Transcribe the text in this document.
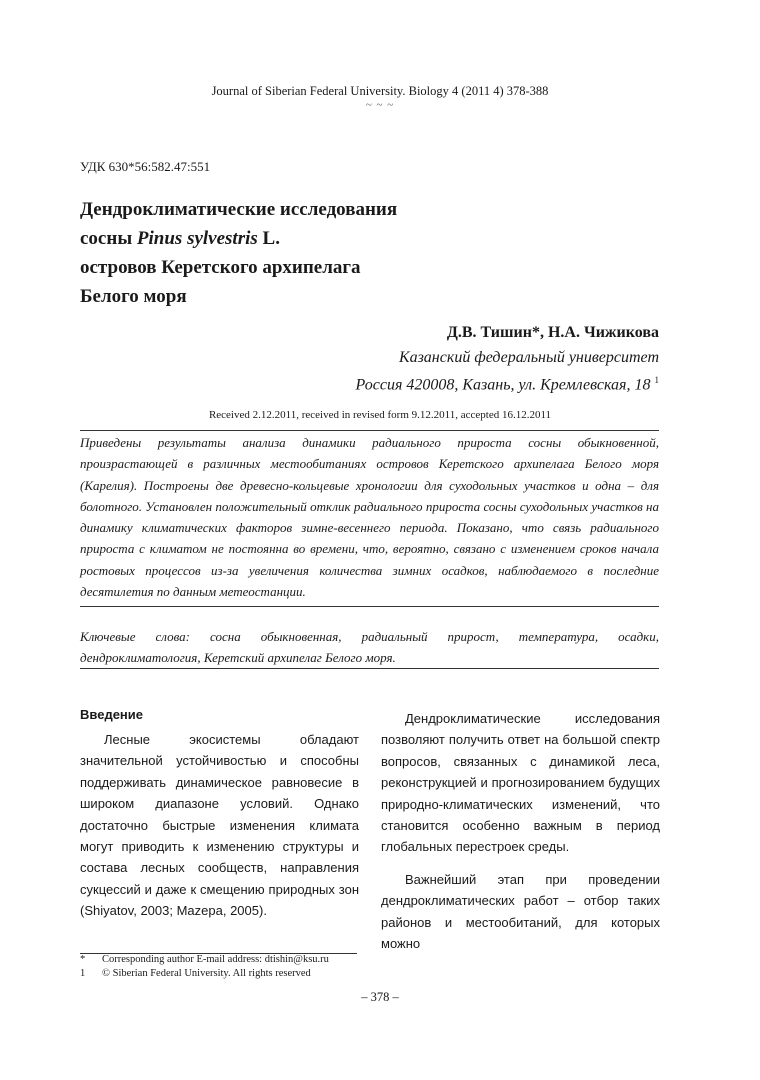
Journal of Siberian Federal University. Biology 4 (2011 4) 378-388
~ ~ ~
УДК 630*56:582.47:551
Дендроклиматические исследования
сосны Pinus sylvestris L.
островов Керетского архипелага
Белого моря
Д.В. Тишин*, Н.А. Чижикова
Казанский федеральный университет
Россия 420008, Казань, ул. Кремлевская, 18 $^1$
Received 2.12.2011, received in revised form 9.12.2011, accepted 16.12.2011
Приведены результаты анализа динамики радиального прироста сосны обыкновенной, произрастающей в различных местообитаниях островов Керетского архипелага Белого моря (Карелия). Построены две древесно-кольцевые хронологии для суходольных участков и одна – для болотного. Установлен положительный отклик радиального прироста сосны суходольных участков на динамику климатических факторов зимне-весеннего периода. Показано, что связь радиального прироста с климатом не постоянна во времени, что, вероятно, связано с изменением сроков начала ростовых процессов из-за увеличения количества зимних осадков, наблюдаемого в последние десятилетия по данным метеостанции.
Ключевые слова: сосна обыкновенная, радиальный прирост, температура, осадки, дендроклиматология, Керетский архипелаг Белого моря.
Введение

Лесные экосистемы обладают значительной устойчивостью и способны поддерживать динамическое равновесие в широком диапазоне условий. Однако достаточно быстрые изменения климата могут приводить к изменению структуры и состава лесных сообществ, направления сукцессий и даже к смещению природных зон (Shiyatov, 2003; Mazepa, 2005).

Дендроклиматические исследования позволяют получить ответ на большой спектр вопросов, связанных с динамикой леса, реконструкцией и прогнозированием будущих природно-климатических изменений, что становится особенно важным в период глобальных перестроек среды.

Важнейший этап при проведении дендроклиматических работ – отбор таких районов и местообитаний, для которых можно

* Corresponding author E-mail address: dtishin@ksu.ru
1 © Siberian Federal University. All rights reserved
– 378 –
